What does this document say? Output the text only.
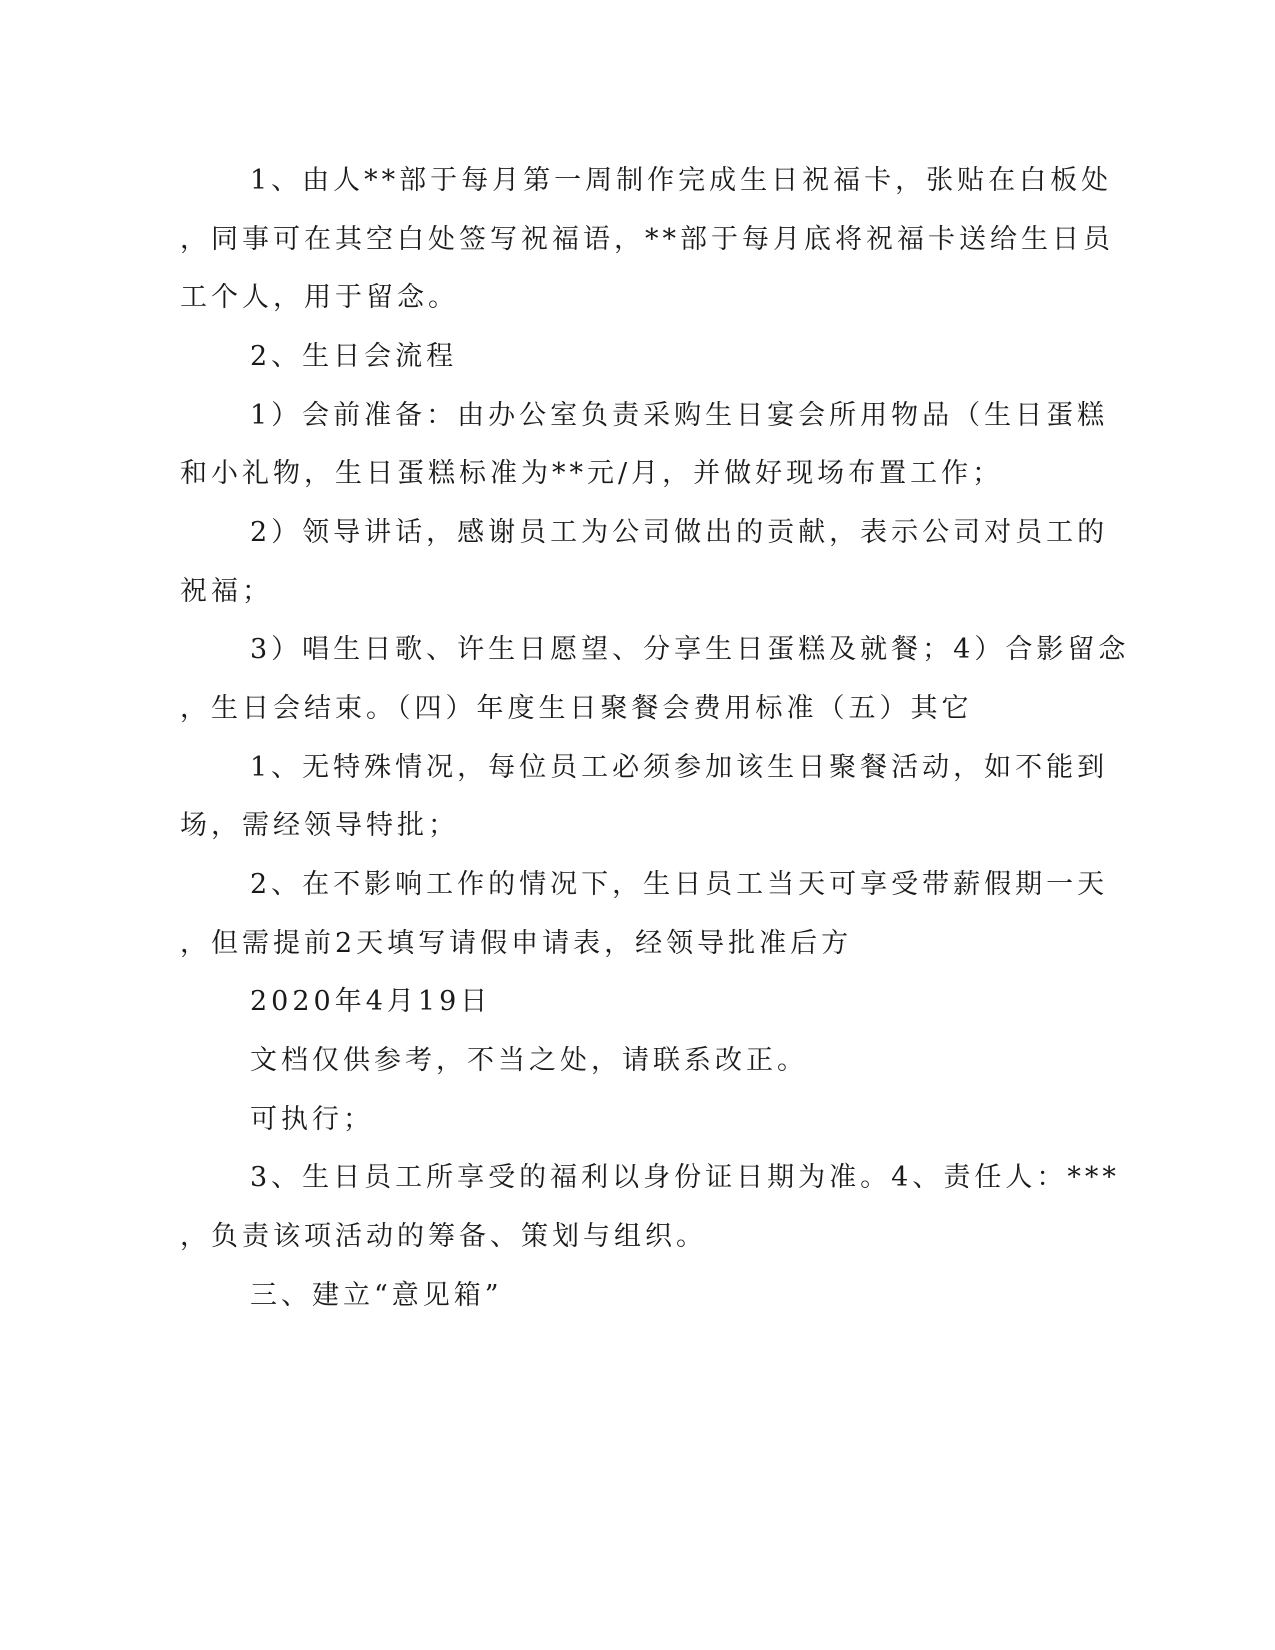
1、由人**部于每月第一周制作完成生日祝福卡，张贴在白板处
，同事可在其空白处签写祝福语，**部于每月底将祝福卡送给生日员
工个人，用于留念。
2、生日会流程
1）会前准备：由办公室负责采购生日宴会所用物品（生日蛋糕
和小礼物，生日蛋糕标准为**元/月，并做好现场布置工作；
2）领导讲话，感谢员工为公司做出的贡献，表示公司对员工的
祝福；
3）唱生日歌、许生日愿望、分享生日蛋糕及就餐；4）合影留念
，生日会结束。（四）年度生日聚餐会费用标准（五）其它
1、无特殊情况，每位员工必须参加该生日聚餐活动，如不能到
场，需经领导特批；
2、在不影响工作的情况下，生日员工当天可享受带薪假期一天
，但需提前2天填写请假申请表，经领导批准后方
2020年4月19日
文档仅供参考，不当之处，请联系改正。
可执行；
3、生日员工所享受的福利以身份证日期为准。4、责任人：***
，负责该项活动的筹备、策划与组织。
三、建立“意见箱”
